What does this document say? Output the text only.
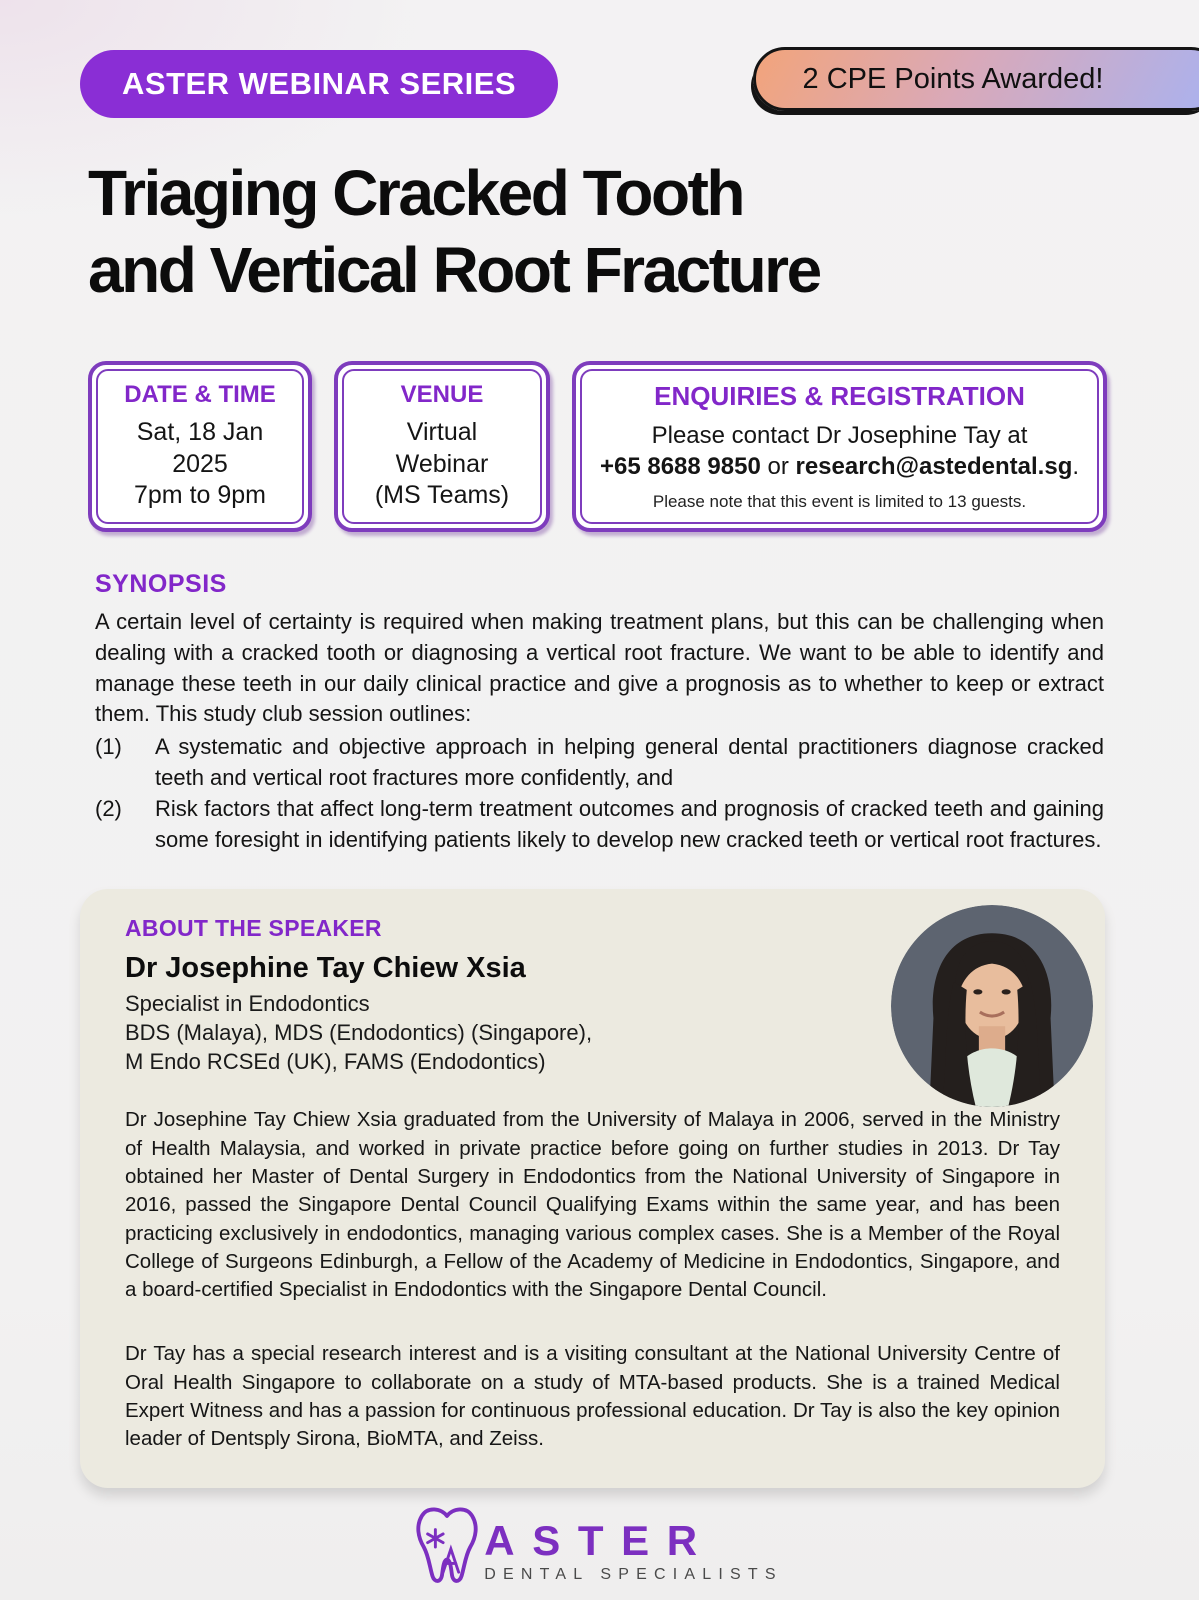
ASTER WEBINAR SERIES	2 CPE Points Awarded!
Triaging Cracked Tooth
and Vertical Root Fracture
DATE & TIME
Sat, 18 Jan 2025
7pm to 9pm
VENUE
Virtual Webinar
(MS Teams)
ENQUIRIES & REGISTRATION
Please contact Dr Josephine Tay at
+65 8688 9850 or research@astedental.sg.
Please note that this event is limited to 13 guests.
SYNOPSIS

A certain level of certainty is required when making treatment plans, but this can be challenging when dealing with a cracked tooth or diagnosing a vertical root fracture. We want to be able to identify and manage these teeth in our daily clinical practice and give a prognosis as to whether to keep or extract them. This study club session outlines:

(1)	A systematic and objective approach in helping general dental practitioners diagnose cracked teeth and vertical root fractures more confidently, and
(2)	Risk factors that affect long-term treatment outcomes and prognosis of cracked teeth and gaining some foresight in identifying patients likely to develop new cracked teeth or vertical root fractures.
ABOUT THE SPEAKER
Dr Josephine Tay Chiew Xsia
Specialist in Endodontics
BDS (Malaya), MDS (Endodontics) (Singapore),
M Endo RCSEd (UK), FAMS (Endodontics)

Dr Josephine Tay Chiew Xsia graduated from the University of Malaya in 2006, served in the Ministry of Health Malaysia, and worked in private practice before going on further studies in 2013. Dr Tay obtained her Master of Dental Surgery in Endodontics from the National University of Singapore in 2016, passed the Singapore Dental Council Qualifying Exams within the same year, and has been practicing exclusively in endodontics, managing various complex cases. She is a Member of the Royal College of Surgeons Edinburgh, a Fellow of the Academy of Medicine in Endodontics, Singapore, and a board-certified Specialist in Endodontics with the Singapore Dental Council.

Dr Tay has a special research interest and is a visiting consultant at the National University Centre of Oral Health Singapore to collaborate on a study of MTA-based products. She is a trained Medical Expert Witness and has a passion for continuous professional education. Dr Tay is also the key opinion leader of Dentsply Sirona, BioMTA, and Zeiss.

ASTER
DENTAL SPECIALISTS
